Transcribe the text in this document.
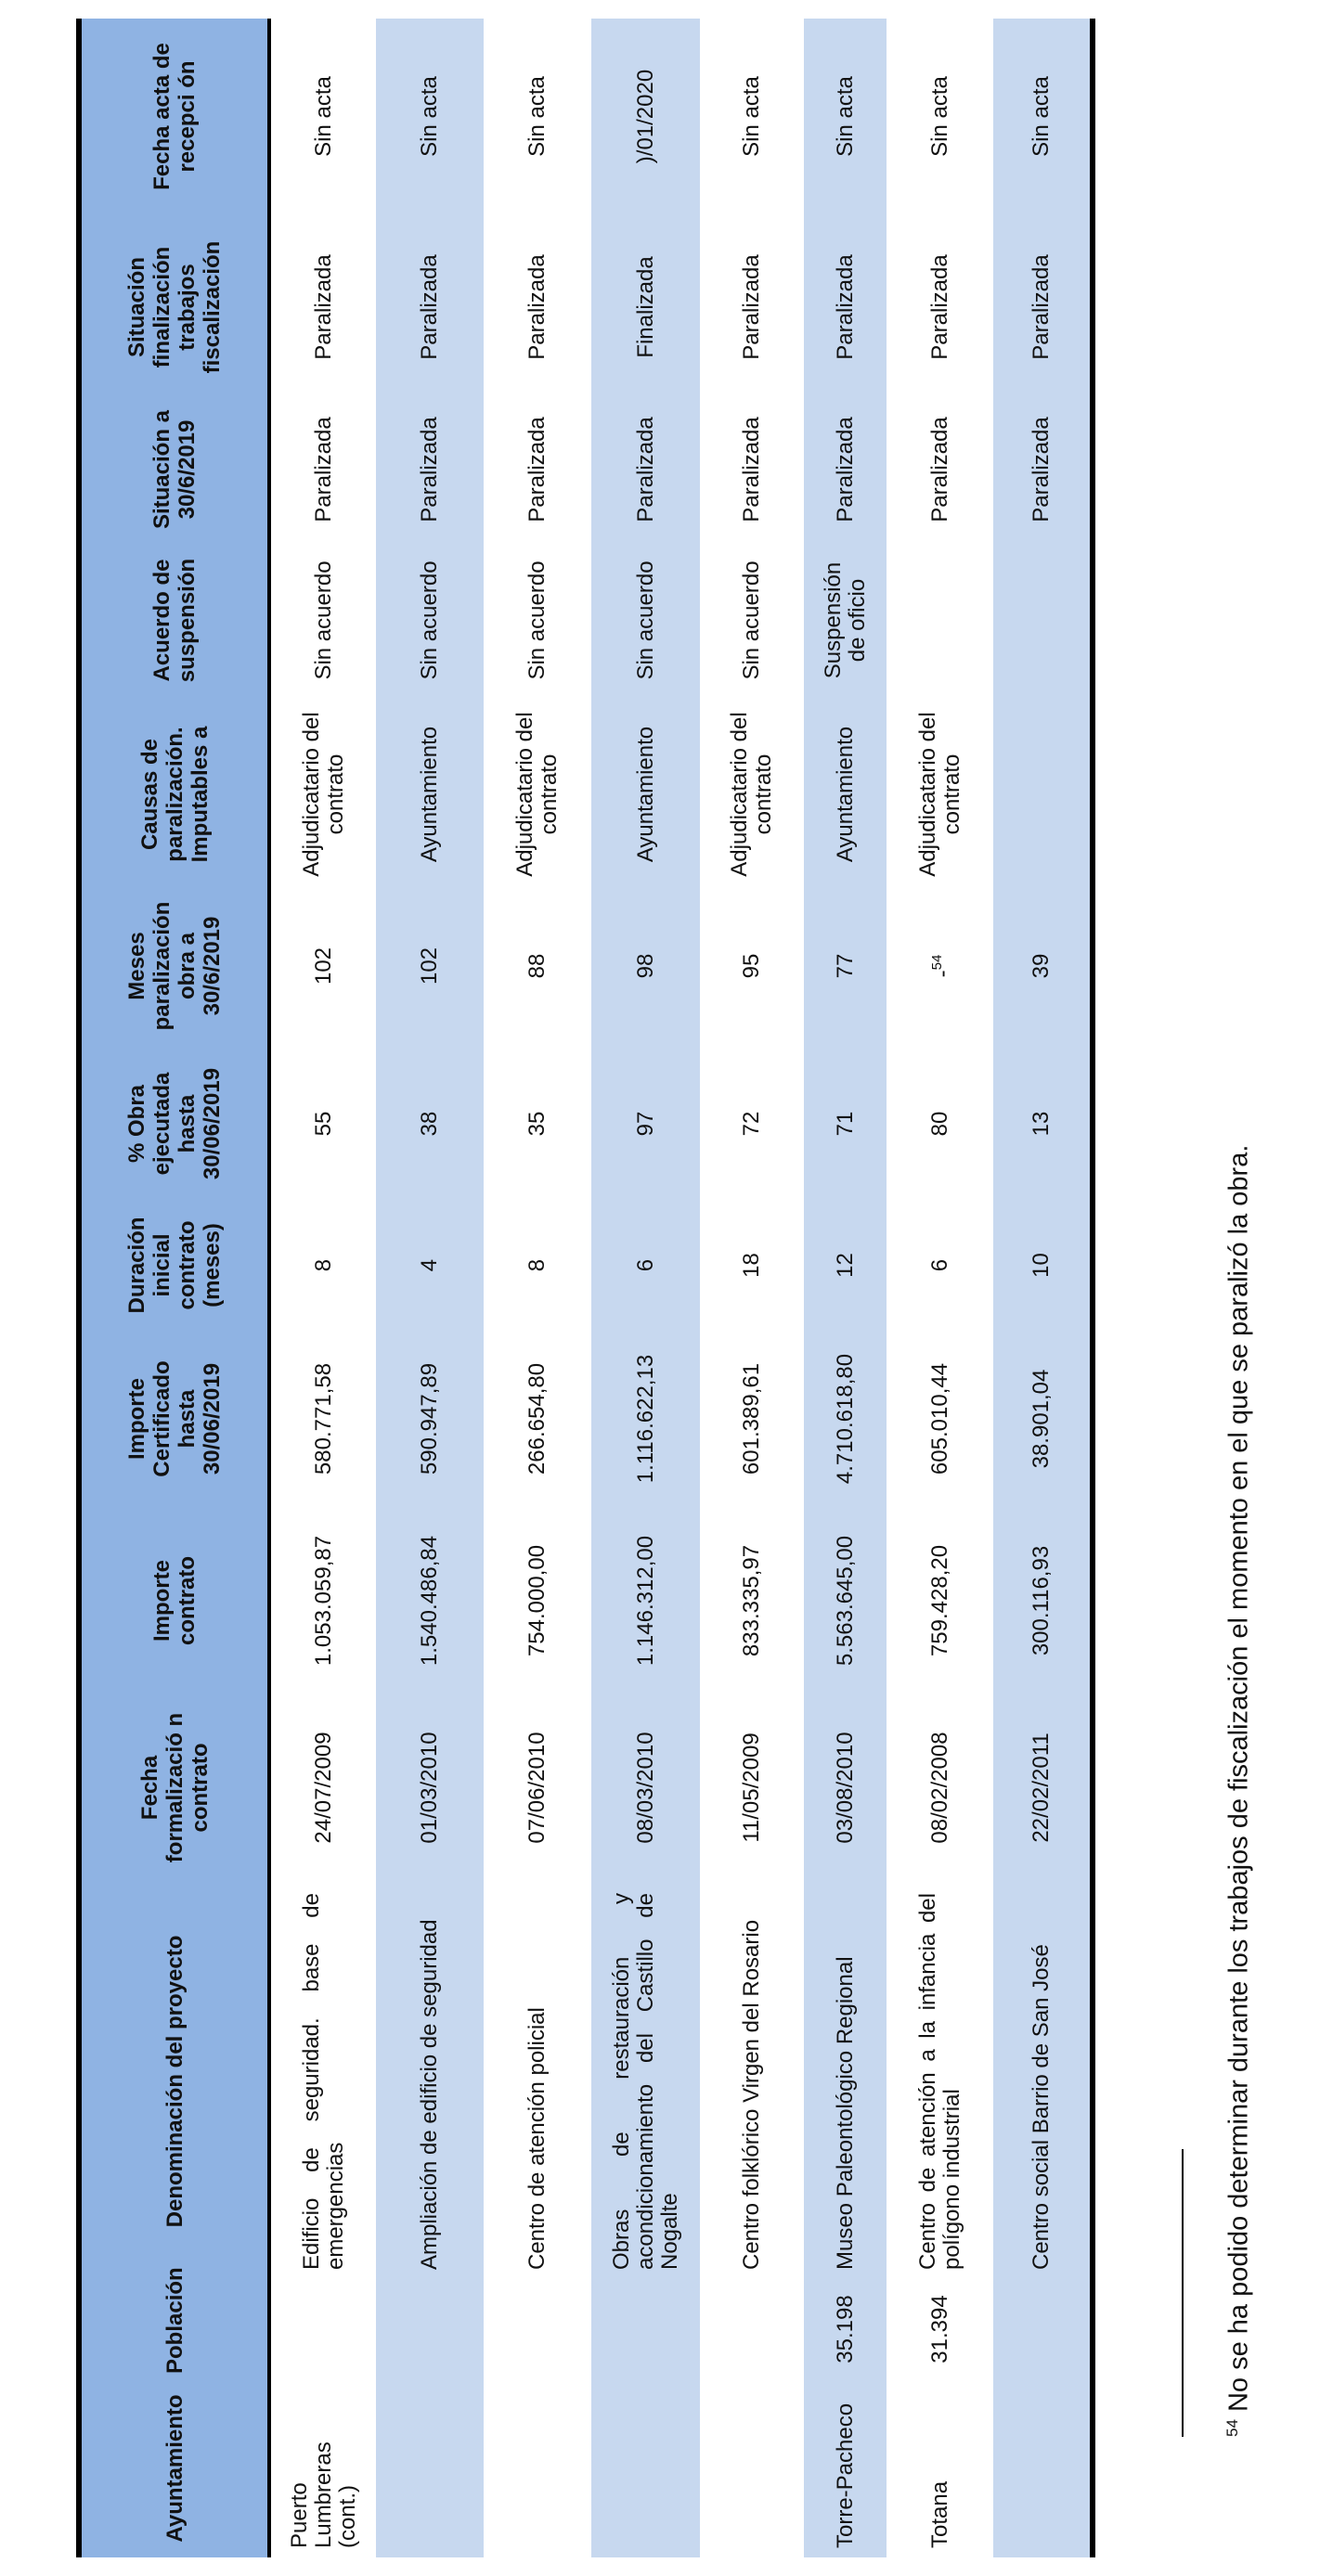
Ayuntamiento	Población	Denominación del proyecto	Fecha formalizació n contrato	Importe contrato	Importe Certificado hasta 30/06/2019	Duración inicial contrato (meses)	% Obra ejecutada hasta 30/06/2019	Meses paralización obra a 30/6/2019	Causas de paralización. Imputables a	Acuerdo de suspensión	Situación a 30/6/2019	Situación finalización trabajos fiscalización	Fecha acta de recepci ón
Puerto Lumbreras (cont.)		Edificio de seguridad. base de emergencias	24/07/2009	1.053.059,87	580.771,58	8	55	102	Adjudicatario del contrato	Sin acuerdo	Paralizada	Paralizada	Sin acta
		Ampliación de edificio de seguridad	01/03/2010	1.540.486,84	590.947,89	4	38	102	Ayuntamiento	Sin acuerdo	Paralizada	Paralizada	Sin acta
		Centro de atención policial	07/06/2010	754.000,00	266.654,80	8	35	88	Adjudicatario del contrato	Sin acuerdo	Paralizada	Paralizada	Sin acta
		Obras de restauración y acondicionamiento del Castillo de Nogalte	08/03/2010	1.146.312,00	1.116.622,13	6	97	98	Ayuntamiento	Sin acuerdo	Paralizada	Finalizada	)/01/2020
		Centro folklórico Virgen del Rosario	11/05/2009	833.335,97	601.389,61	18	72	95	Adjudicatario del contrato	Sin acuerdo	Paralizada	Paralizada	Sin acta
Torre-Pacheco	35.198	Museo Paleontológico Regional	03/08/2010	5.563.645,00	4.710.618,80	12	71	77	Ayuntamiento	Suspensión de oficio	Paralizada	Paralizada	Sin acta
Totana	31.394	Centro de atención a la infancia del polígono industrial	08/02/2008	759.428,20	605.010,44	6	80	-$^{54}$	Adjudicatario del contrato		Paralizada	Paralizada	Sin acta
		Centro social Barrio de San José	22/02/2011	300.116,93	38.901,04	10	13	39			Paralizada	Paralizada	Sin acta
$^{54}$ No se ha podido determinar durante los trabajos de fiscalización el momento en el que se paralizó la obra.
